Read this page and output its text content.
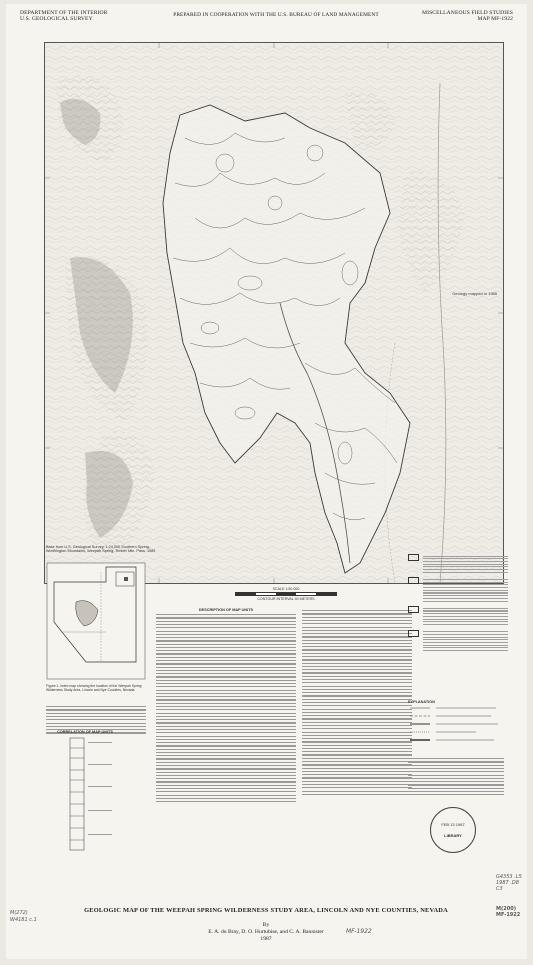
DEPARTMENT OF THE INTERIOR
U.S. GEOLOGICAL SURVEY
PREPARED IN COOPERATION WITH THE U.S. BUREAU OF LAND MANAGEMENT	MISCELLANEOUS FIELD STUDIES
MAP MF-1922
Geology mapped in 1985
Base from U.S. Geological Survey, 1:24,000 Southern Spring, Worthington Mountains, Weepah Spring, Timber Mtn. Pass, 1985
SCALE 1:50 000
CONTOUR INTERVAL 40 METERS
Figure 1. Index map showing the location of the Weepah Spring Wilderness Study Area, Lincoln and Nye Counties, Nevada.
CORRELATION OF MAP UNITS
DESCRIPTION OF MAP UNITS
EXPLANATION
FEB 13 1987
LIBRARY
GEOLOGIC MAP OF THE WEEPAH SPRING WILDERNESS STUDY AREA, LINCOLN AND NYE COUNTIES, NEVADA
By
E. A. du Bray, D. O. Hurtubise, and C. A. Bannister
1987
M(272) W4181 c.1
MF-1922
G4353 .L5 1987 .D8 C3
M(200) MF-1922
